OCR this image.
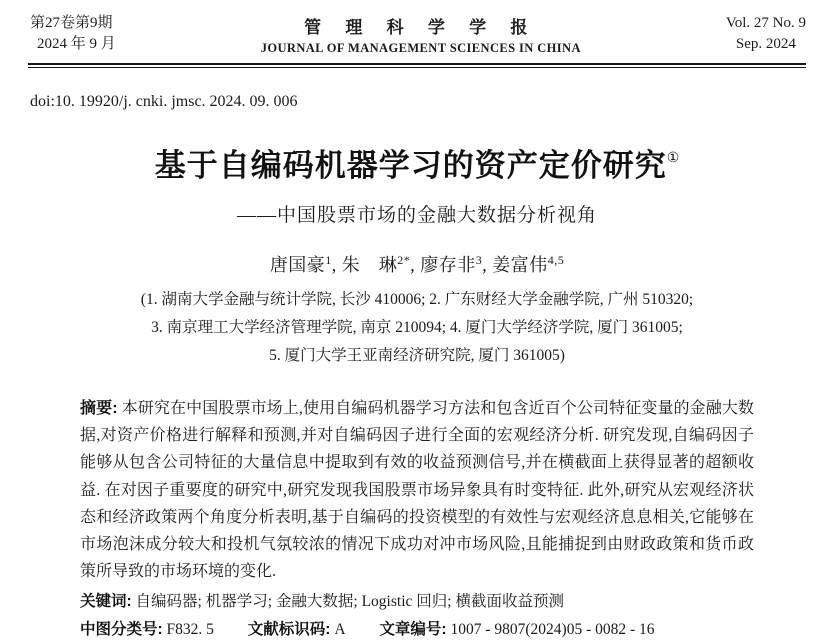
第27卷第9期
2024 年 9 月
管 理 科 学 学 报
JOURNAL OF MANAGEMENT SCIENCES IN CHINA
Vol. 27 No. 9
Sep. 2024
doi:10. 19920/j. cnki. jmsc. 2024. 09. 006
基于自编码机器学习的资产定价研究①
——中国股票市场的金融大数据分析视角
唐国豪$^1$, 朱　琳$^{2*}$, 廖存非$^3$, 姜富伟$^{4,5}$
(1. 湖南大学金融与统计学院, 长沙 410006; 2. 广东财经大学金融学院, 广州 510320;
3. 南京理工大学经济管理学院, 南京 210094; 4. 厦门大学经济学院, 厦门 361005;
5. 厦门大学王亚南经济研究院, 厦门 361005)
摘要: 本研究在中国股票市场上,使用自编码机器学习方法和包含近百个公司特征变量的金融大数据,对资产价格进行解释和预测,并对自编码因子进行全面的宏观经济分析. 研究发现,自编码因子能够从包含公司特征的大量信息中提取到有效的收益预测信号,并在横截面上获得显著的超额收益. 在对因子重要度的研究中,研究发现我国股票市场异象具有时变特征. 此外,研究从宏观经济状态和经济政策两个角度分析表明,基于自编码的投资模型的有效性与宏观经济息息相关,它能够在市场泡沫成分较大和投机气氛较浓的情况下成功对冲市场风险,且能捕捉到由财政政策和货币政策所导致的市场环境的变化.
关键词: 自编码器; 机器学习; 金融大数据; Logistic 回归; 横截面收益预测
中图分类号: F832. 5 文献标识码: A 文章编号: 1007 - 9807(2024)05 - 0082 - 16
